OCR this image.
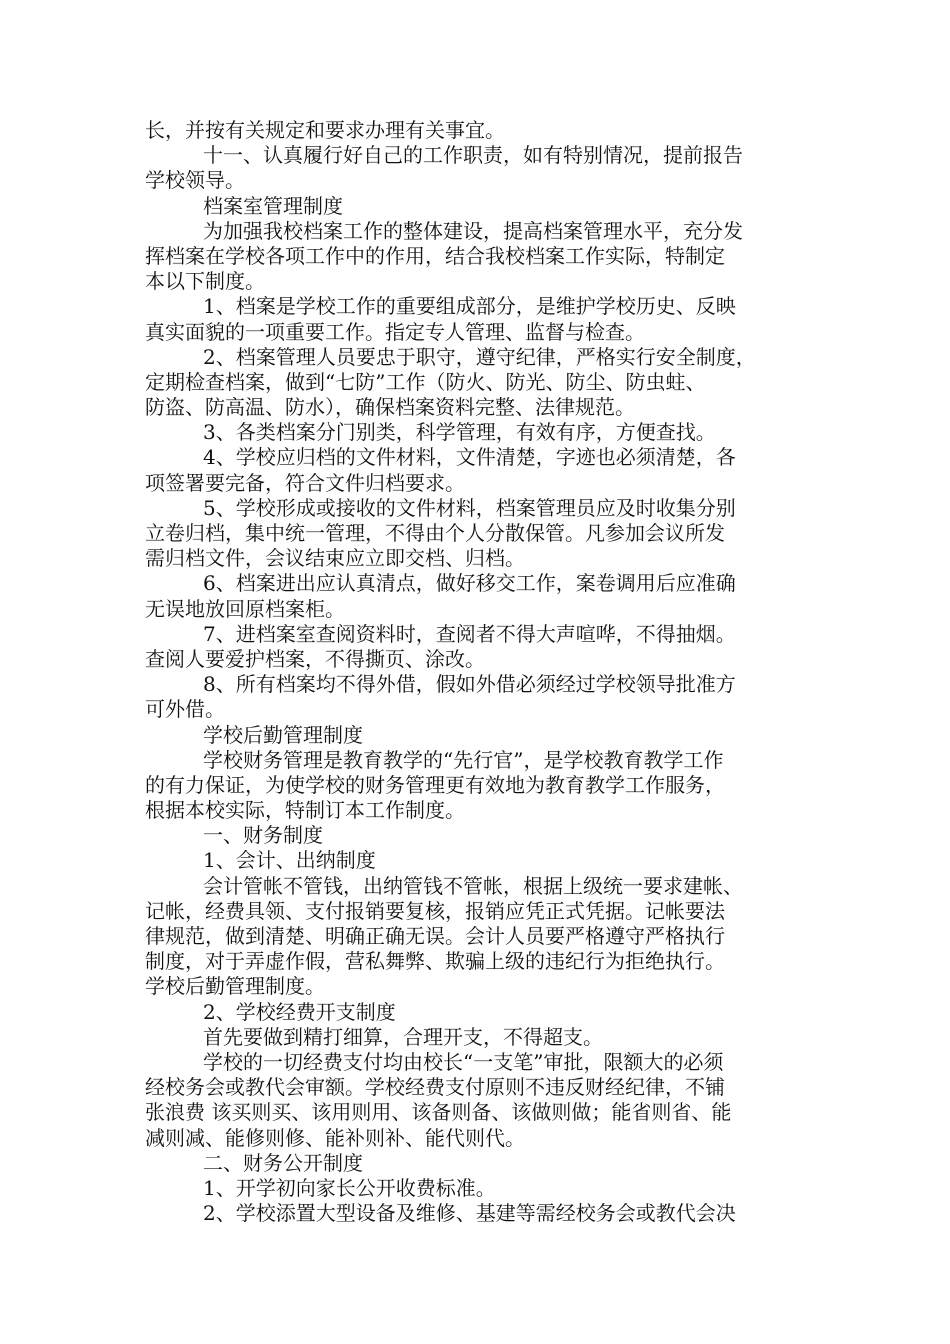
长，并按有关规定和要求办理有关事宜。
十一、认真履行好自己的工作职责，如有特别情况，提前报告
学校领导。
档案室管理制度
为加强我校档案工作的整体建设，提高档案管理水平，充分发
挥档案在学校各项工作中的作用，结合我校档案工作实际，特制定
本以下制度。
1、档案是学校工作的重要组成部分，是维护学校历史、反映
真实面貌的一项重要工作。指定专人管理、监督与检查。
2、档案管理人员要忠于职守，遵守纪律，严格实行安全制度，
定期检查档案，做到“七防”工作（防火、防光、防尘、防虫蛀、
防盗、防高温、防水），确保档案资料完整、法律规范。
3、各类档案分门别类，科学管理，有效有序，方便查找。
4、学校应归档的文件材料，文件清楚，字迹也必须清楚，各
项签署要完备，符合文件归档要求。
5、学校形成或接收的文件材料，档案管理员应及时收集分别
立卷归档，集中统一管理，不得由个人分散保管。凡参加会议所发
需归档文件，会议结束应立即交档、归档。
6、档案进出应认真清点，做好移交工作，案卷调用后应准确
无误地放回原档案柜。
7、进档案室查阅资料时，查阅者不得大声喧哗，不得抽烟。
查阅人要爱护档案，不得撕页、涂改。
8、所有档案均不得外借，假如外借必须经过学校领导批准方
可外借。
学校后勤管理制度
学校财务管理是教育教学的“先行官”，是学校教育教学工作
的有力保证，为使学校的财务管理更有效地为教育教学工作服务，
根据本校实际，特制订本工作制度。
一、财务制度
1、会计、出纳制度
会计管帐不管钱，出纳管钱不管帐，根据上级统一要求建帐、
记帐，经费具领、支付报销要复核，报销应凭正式凭据。记帐要法
律规范，做到清楚、明确正确无误。会计人员要严格遵守严格执行
制度，对于弄虚作假，营私舞弊、欺骗上级的违纪行为拒绝执行。
学校后勤管理制度。
2、学校经费开支制度
首先要做到精打细算，合理开支，不得超支。
学校的一切经费支付均由校长“一支笔”审批，限额大的必须
经校务会或教代会审额。学校经费支付原则不违反财经纪律，不铺
张浪费 该买则买、该用则用、该备则备、该做则做；能省则省、能
减则减、能修则修、能补则补、能代则代。
二、财务公开制度
1、开学初向家长公开收费标准。
2、学校添置大型设备及维修、基建等需经校务会或教代会决
